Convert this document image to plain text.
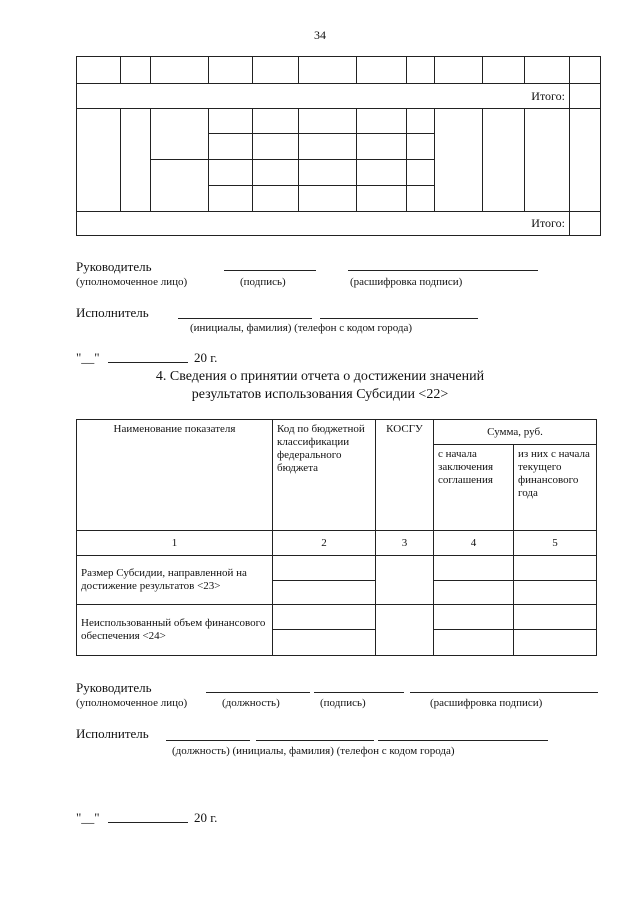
34

Итого:											

Итого:											
Руководитель
(уполномоченное лицо)	(подпись)	(расшифровка подписи)
Исполнитель
(инициалы, фамилия) (телефон с кодом города)
"__"	20 г.
4. Сведения о принятии отчета о достижении значений
результатов использования Субсидии <22>
Наименование показателя	Код по бюджетной классификации федерального бюджета	КОСГУ	Сумма, руб.	
			с начала заключения соглашения	из них с начала текущего финансового года
1	2	3	4	5
Размер Субсидии, направленной на достижение результатов <23>				

Неиспользованный объем финансового обеспечения <24>				

Руководитель
(уполномоченное лицо)	(должность)	(подпись)	(расшифровка подписи)
Исполнитель
(должность) (инициалы, фамилия) (телефон с кодом города)
"__"	20 г.
